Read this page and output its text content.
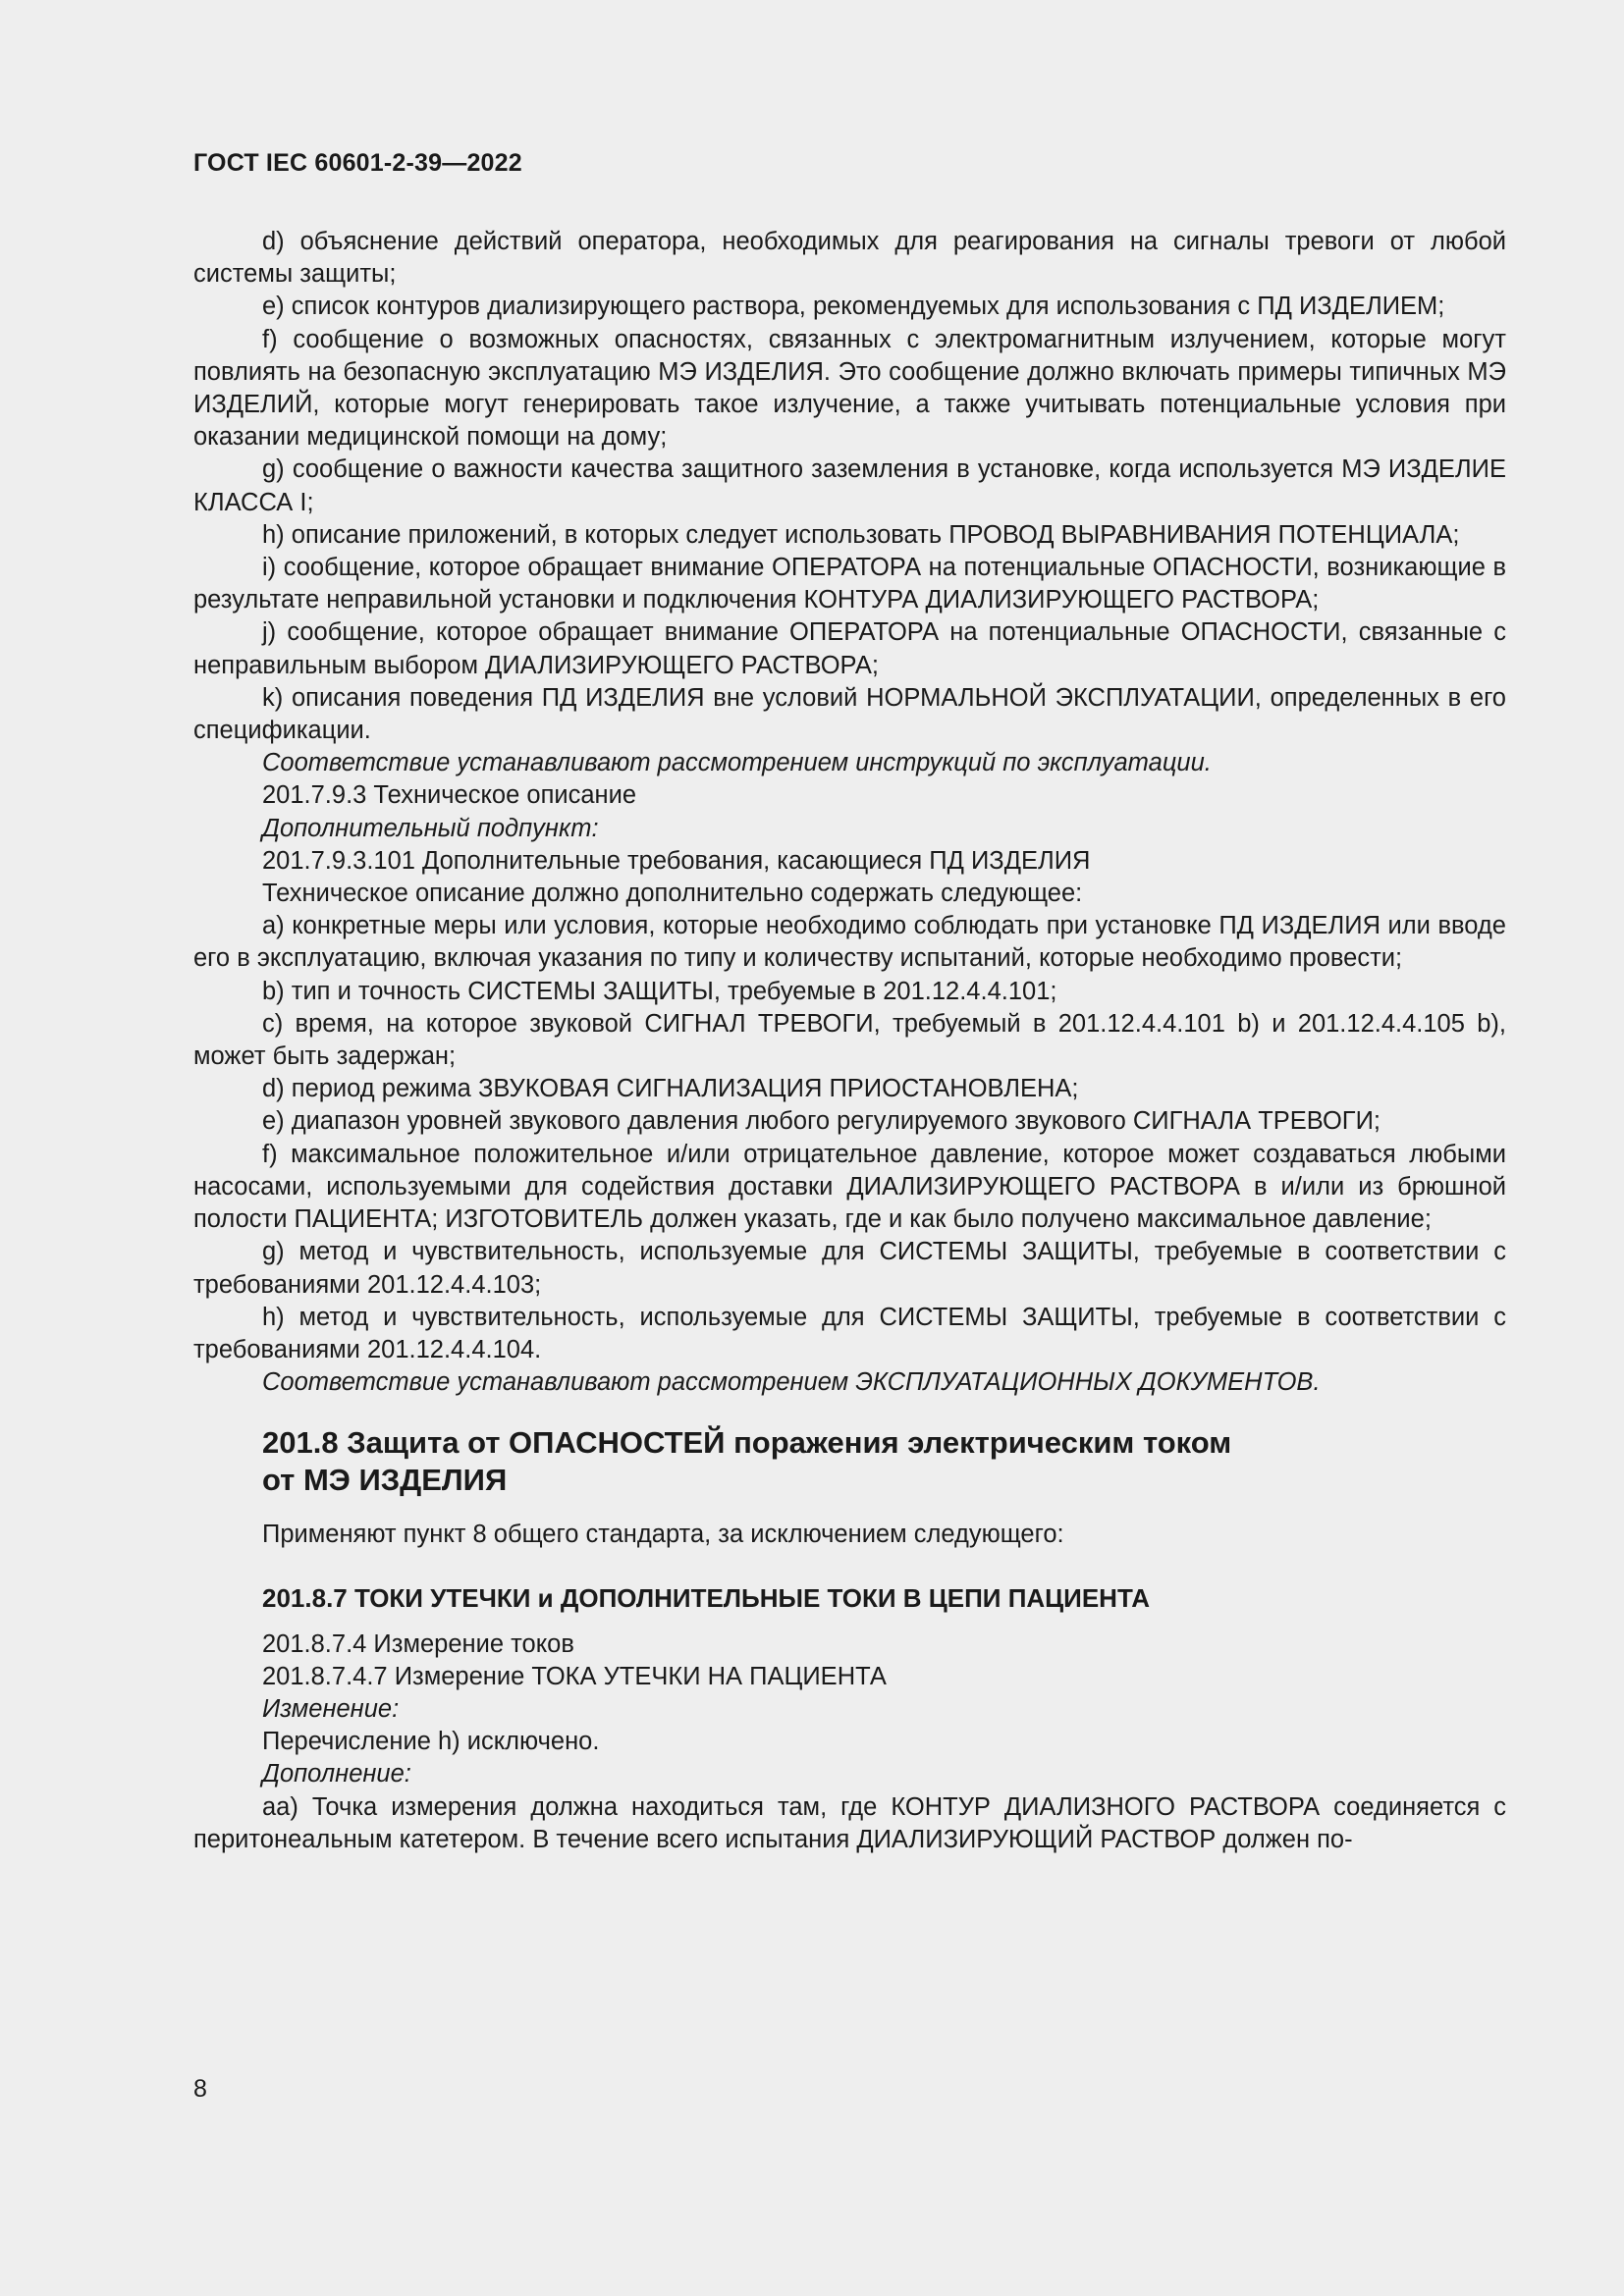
ГОСТ IEC 60601-2-39—2022

d) объяснение действий оператора, необходимых для реагирования на сигналы тревоги от любой системы защиты;

e) список контуров диализирующего раствора, рекомендуемых для использования с ПД ИЗДЕЛИЕМ;

f) сообщение о возможных опасностях, связанных с электромагнитным излучением, которые могут повлиять на безопасную эксплуатацию МЭ ИЗДЕЛИЯ. Это сообщение должно включать примеры типичных МЭ ИЗДЕЛИЙ, которые могут генерировать такое излучение, а также учитывать потенциальные условия при оказании медицинской помощи на дому;

g) сообщение о важности качества защитного заземления в установке, когда используется МЭ ИЗДЕЛИЕ КЛАССА I;

h) описание приложений, в которых следует использовать ПРОВОД ВЫРАВНИВАНИЯ ПОТЕНЦИАЛА;

i) сообщение, которое обращает внимание ОПЕРАТОРА на потенциальные ОПАСНОСТИ, возникающие в результате неправильной установки и подключения КОНТУРА ДИАЛИЗИРУЮЩЕГО РАСТВОРА;

j) сообщение, которое обращает внимание ОПЕРАТОРА на потенциальные ОПАСНОСТИ, связанные с неправильным выбором ДИАЛИЗИРУЮЩЕГО РАСТВОРА;

k) описания поведения ПД ИЗДЕЛИЯ вне условий НОРМАЛЬНОЙ ЭКСПЛУАТАЦИИ, определенных в его спецификации.

Соответствие устанавливают рассмотрением инструкций по эксплуатации.

201.7.9.3 Техническое описание

Дополнительный подпункт:

201.7.9.3.101 Дополнительные требования, касающиеся ПД ИЗДЕЛИЯ

Техническое описание должно дополнительно содержать следующее:

a) конкретные меры или условия, которые необходимо соблюдать при установке ПД ИЗДЕЛИЯ или вводе его в эксплуатацию, включая указания по типу и количеству испытаний, которые необходимо провести;

b) тип и точность СИСТЕМЫ ЗАЩИТЫ, требуемые в 201.12.4.4.101;

c) время, на которое звуковой СИГНАЛ ТРЕВОГИ, требуемый в 201.12.4.4.101 b) и 201.12.4.4.105 b), может быть задержан;

d) период режима ЗВУКОВАЯ СИГНАЛИЗАЦИЯ ПРИОСТАНОВЛЕНА;

e) диапазон уровней звукового давления любого регулируемого звукового СИГНАЛА ТРЕВОГИ;

f) максимальное положительное и/или отрицательное давление, которое может создаваться любыми насосами, используемыми для содействия доставки ДИАЛИЗИРУЮЩЕГО РАСТВОРА в и/или из брюшной полости ПАЦИЕНТА; ИЗГОТОВИТЕЛЬ должен указать, где и как было получено максимальное давление;

g) метод и чувствительность, используемые для СИСТЕМЫ ЗАЩИТЫ, требуемые в соответствии с требованиями 201.12.4.4.103;

h) метод и чувствительность, используемые для СИСТЕМЫ ЗАЩИТЫ, требуемые в соответствии с требованиями 201.12.4.4.104.

Соответствие устанавливают рассмотрением ЭКСПЛУАТАЦИОННЫХ ДОКУМЕНТОВ.

201.8 Защита от ОПАСНОСТЕЙ поражения электрическим током
от МЭ ИЗДЕЛИЯ
Применяют пункт 8 общего стандарта, за исключением следующего:
201.8.7 ТОКИ УТЕЧКИ и ДОПОЛНИТЕЛЬНЫЕ ТОКИ В ЦЕПИ ПАЦИЕНТА

201.8.7.4 Измерение токов

201.8.7.4.7 Измерение ТОКА УТЕЧКИ НА ПАЦИЕНТА

Изменение:

Перечисление h) исключено.

Дополнение:

aa) Точка измерения должна находиться там, где КОНТУР ДИАЛИЗНОГО РАСТВОРА соединяется с перитонеальным катетером. В течение всего испытания ДИАЛИЗИРУЮЩИЙ РАСТВОР должен по-

8
